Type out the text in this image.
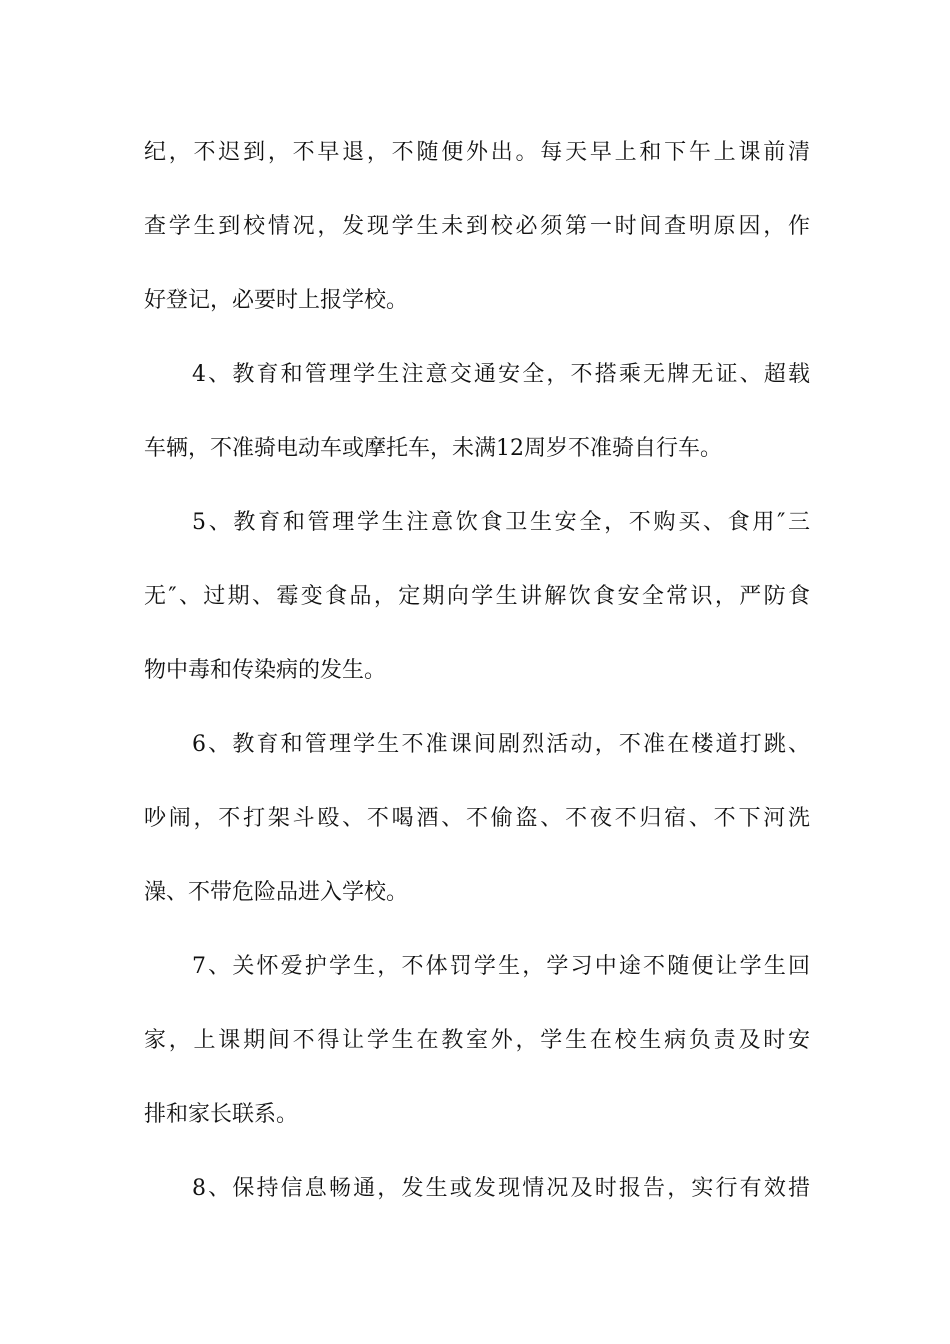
纪，不迟到，不早退，不随便外出。每天早上和下午上课前清
查学生到校情况，发现学生未到校必须第一时间查明原因，作
好登记，必要时上报学校。
4、教育和管理学生注意交通安全，不搭乘无牌无证、超载
车辆，不准骑电动车或摩托车，未满12周岁不准骑自行车。
5、教育和管理学生注意饮食卫生安全，不购买、食用″三
无″、过期、霉变食品，定期向学生讲解饮食安全常识，严防食
物中毒和传染病的发生。
6、教育和管理学生不准课间剧烈活动，不准在楼道打跳、
吵闹，不打架斗殴、不喝酒、不偷盗、不夜不归宿、不下河洗
澡、不带危险品进入学校。
7、关怀爱护学生，不体罚学生，学习中途不随便让学生回
家，上课期间不得让学生在教室外，学生在校生病负责及时安
排和家长联系。
8、保持信息畅通，发生或发现情况及时报告，实行有效措
